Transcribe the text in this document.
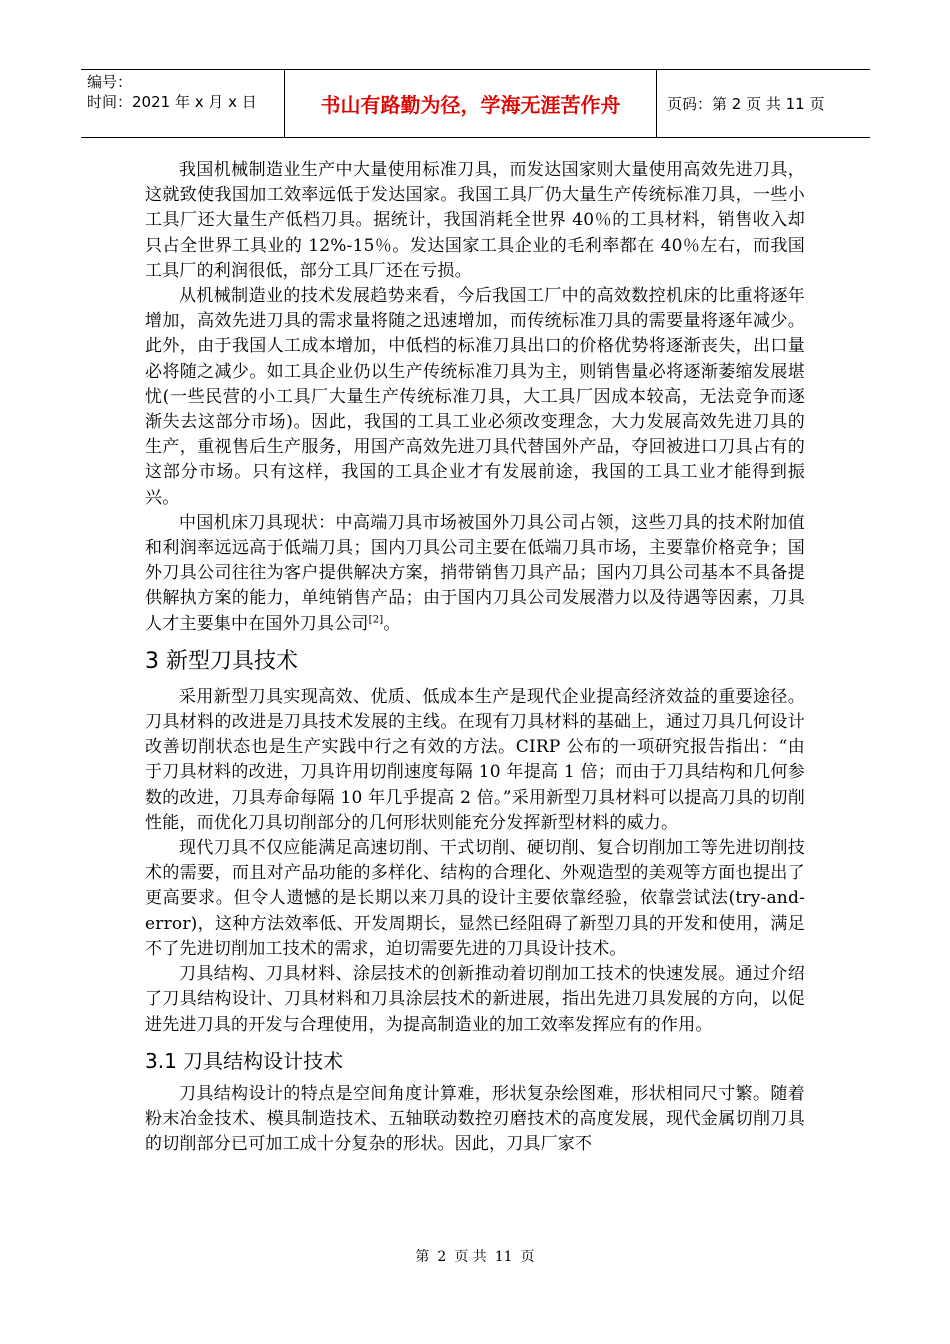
编号：
时间：2021 年 x 月 x 日	书山有路勤为径，学海无涯苦作舟	页码：第 2 页 共 11 页

我国机械制造业生产中大量使用标准刀具，而发达国家则大量使用高效先进刀具，这就致使我国加工效率远低于发达国家。我国工具厂仍大量生产传统标准刀具，一些小工具厂还大量生产低档刀具。据统计，我国消耗全世界 40％的工具材料，销售收入却只占全世界工具业的 12%-15％。发达国家工具企业的毛利率都在 40％左右，而我国工具厂的利润很低，部分工具厂还在亏损。

从机械制造业的技术发展趋势来看，今后我国工厂中的高效数控机床的比重将逐年增加，高效先进刀具的需求量将随之迅速增加，而传统标准刀具的需要量将逐年减少。此外，由于我国人工成本增加，中低档的标准刀具出口的价格优势将逐渐丧失，出口量必将随之减少。如工具企业仍以生产传统标准刀具为主，则销售量必将逐渐萎缩发展堪忧(一些民营的小工具厂大量生产传统标准刀具，大工具厂因成本较高，无法竞争而逐渐失去这部分市场)。因此，我国的工具工业必须改变理念，大力发展高效先进刀具的生产，重视售后生产服务，用国产高效先进刀具代替国外产品，夺回被进口刀具占有的这部分市场。只有这样，我国的工具企业才有发展前途，我国的工具工业才能得到振兴。

中国机床刀具现状：中高端刀具市场被国外刀具公司占领，这些刀具的技术附加值和利润率远远高于低端刀具；国内刀具公司主要在低端刀具市场，主要靠价格竞争；国外刀具公司往往为客户提供解决方案，捎带销售刀具产品；国内刀具公司基本不具备提供解执方案的能力，单纯销售产品；由于国内刀具公司发展潜力以及待遇等因素，刀具人才主要集中在国外刀具公司[2]。

3 新型刀具技术

采用新型刀具实现高效、优质、低成本生产是现代企业提高经济效益的重要途径。刀具材料的改进是刀具技术发展的主线。在现有刀具材料的基础上，通过刀具几何设计改善切削状态也是生产实践中行之有效的方法。CIRP 公布的一项研究报告指出：“由于刀具材料的改进，刀具许用切削速度每隔 10 年提高 1 倍；而由于刀具结构和几何参数的改进，刀具寿命每隔 10 年几乎提高 2 倍。”采用新型刀具材料可以提高刀具的切削性能，而优化刀具切削部分的几何形状则能充分发挥新型材料的威力。

现代刀具不仅应能满足高速切削、干式切削、硬切削、复合切削加工等先进切削技术的需要，而且对产品功能的多样化、结构的合理化、外观造型的美观等方面也提出了更高要求。但令人遗憾的是长期以来刀具的设计主要依靠经验，依靠尝试法(try-and-error)，这种方法效率低、开发周期长，显然已经阻碍了新型刀具的开发和使用，满足不了先进切削加工技术的需求，迫切需要先进的刀具设计技术。

刀具结构、刀具材料、涂层技术的创新推动着切削加工技术的快速发展。通过介绍了刀具结构设计、刀具材料和刀具涂层技术的新进展，指出先进刀具发展的方向，以促进先进刀具的开发与合理使用，为提高制造业的加工效率发挥应有的作用。

3.1 刀具结构设计技术

刀具结构设计的特点是空间角度计算难，形状复杂绘图难，形状相同尺寸繁。随着粉末冶金技术、模具制造技术、五轴联动数控刃磨技术的高度发展，现代金属切削刀具的切削部分已可加工成十分复杂的形状。因此，刀具厂家不

第 2 页 共 11 页
